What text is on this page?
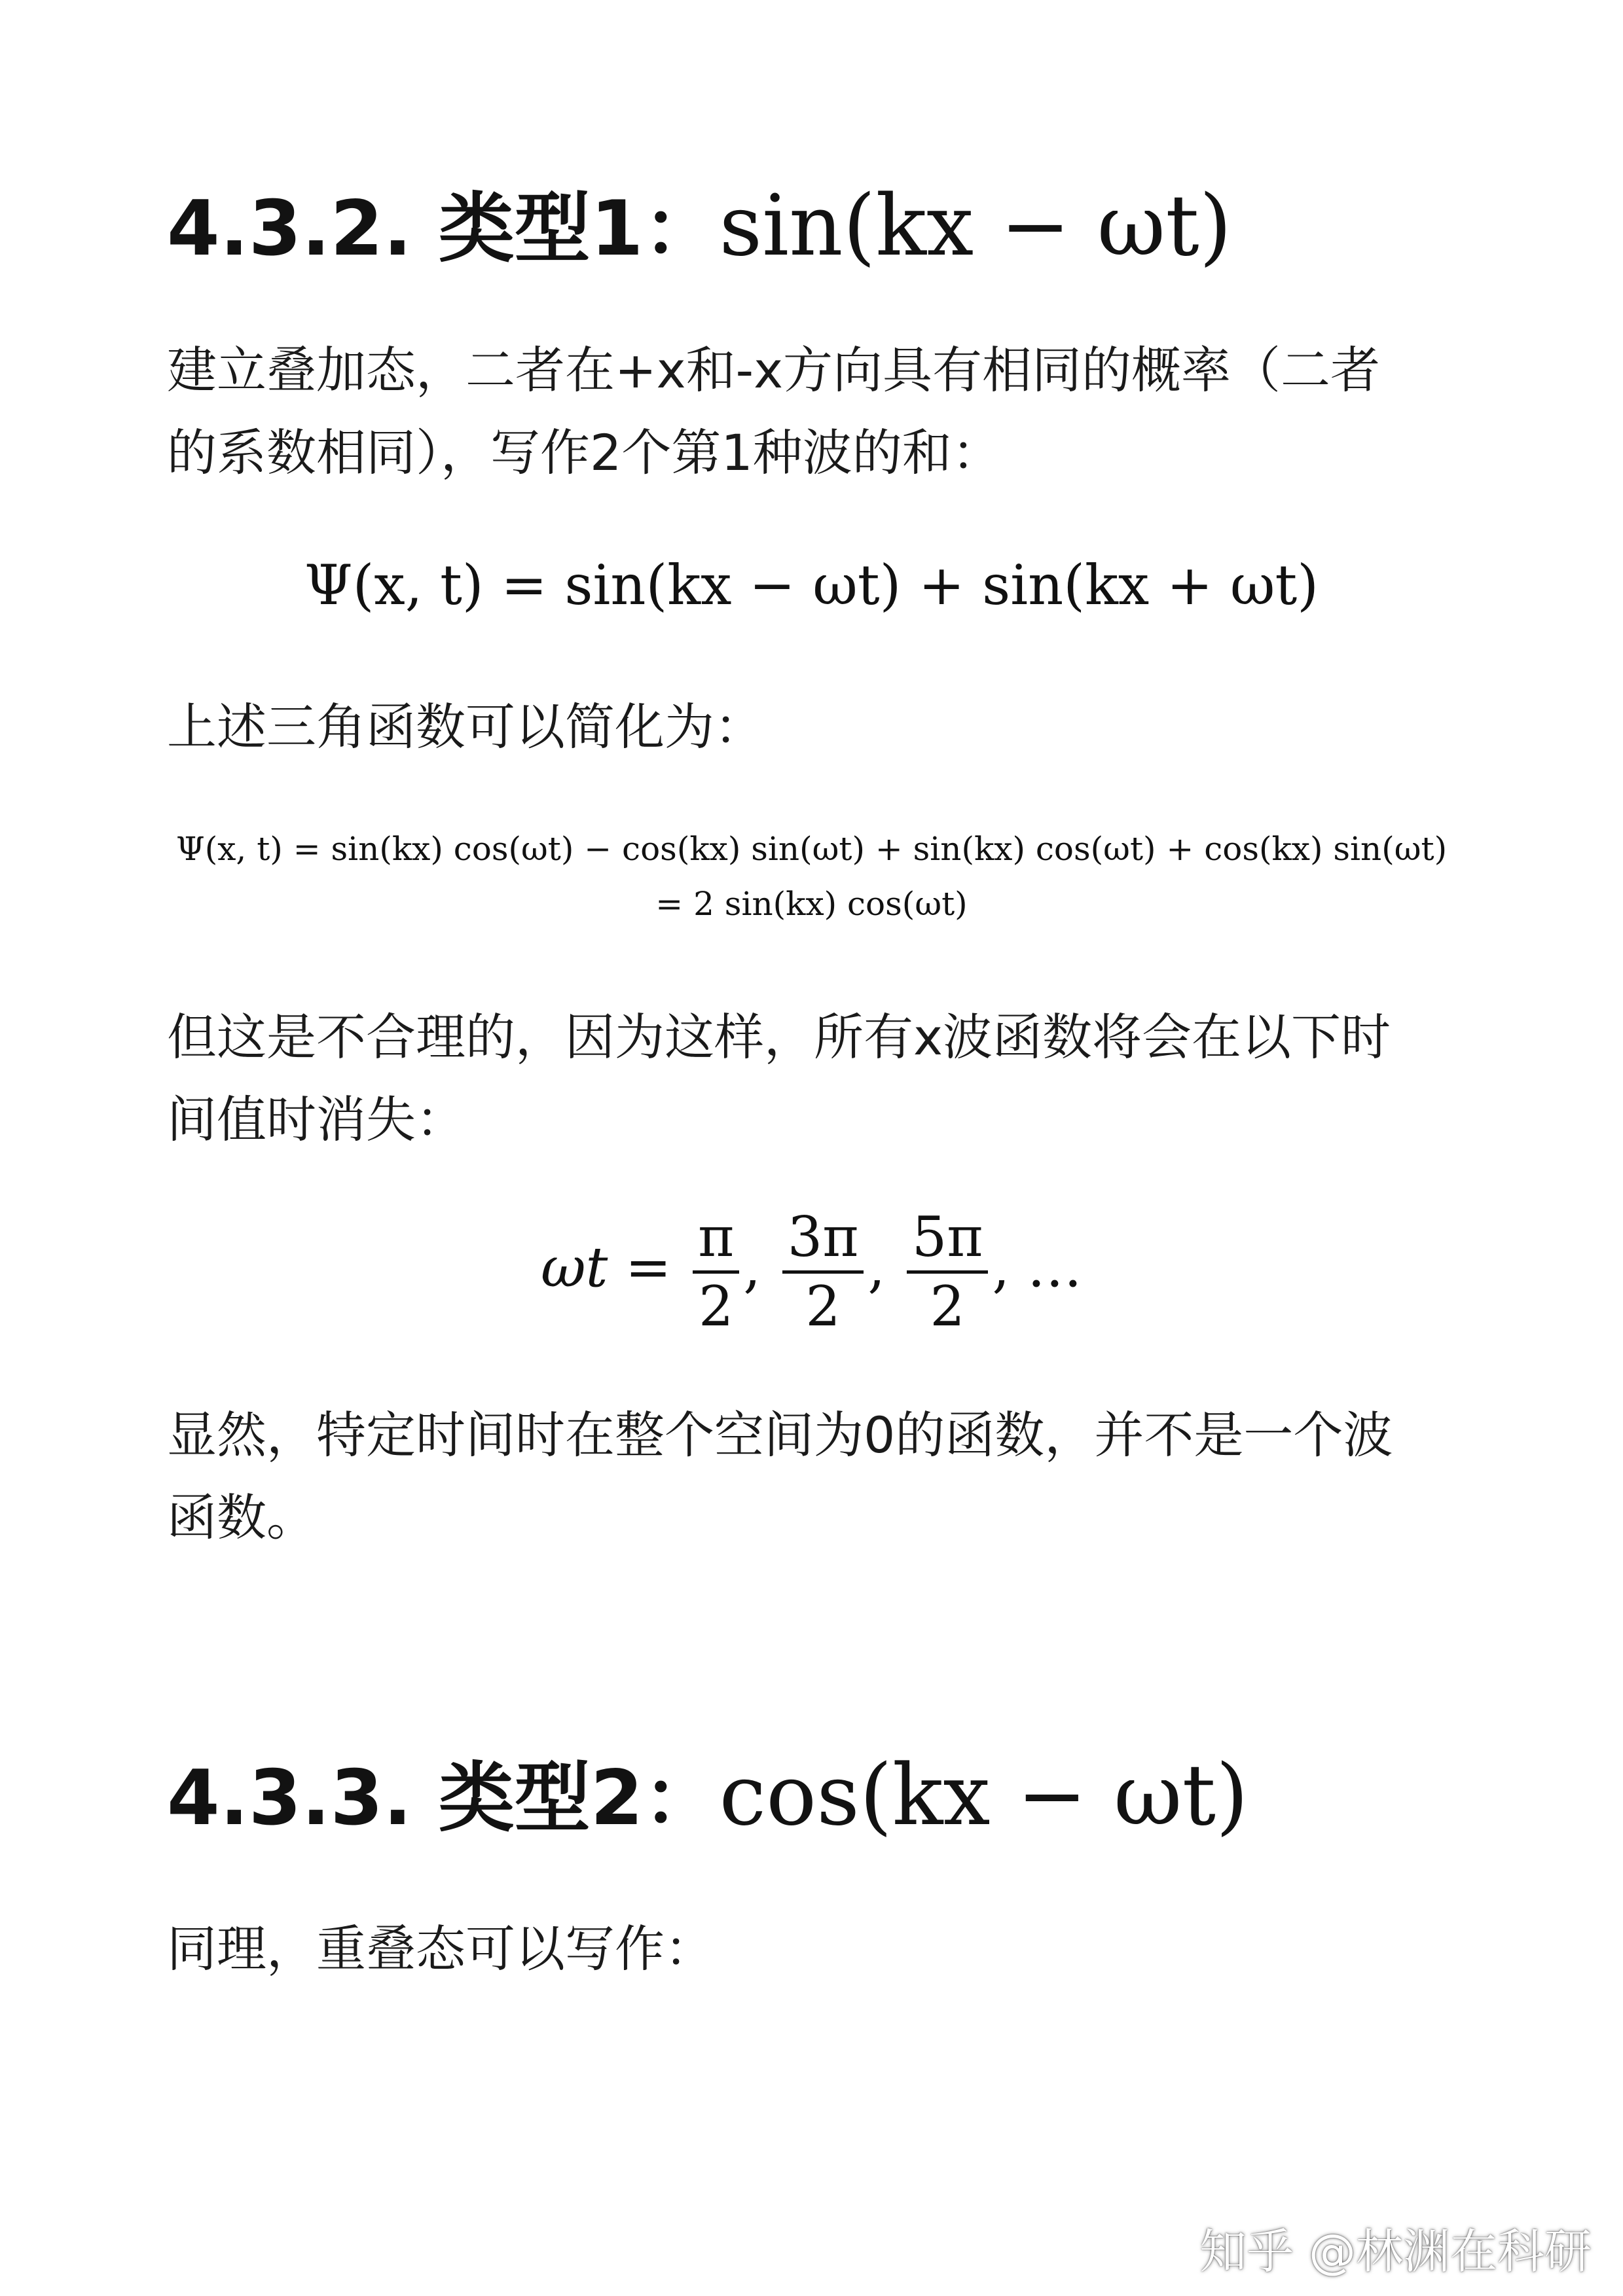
4.3.2. 类型1：sin(kx − ωt)

建立叠加态，二者在+x和-x方向具有相同的概率（二者
的系数相同），写作2个第1种波的和：

Ψ(x, t) = sin(kx − ωt) + sin(kx + ωt)

上述三角函数可以简化为：

Ψ(x, t) = sin(kx) cos(ωt) − cos(kx) sin(ωt) + sin(kx) cos(ωt) + cos(kx) sin(ωt)
= 2 sin(kx) cos(ωt)

但这是不合理的，因为这样，所有x波函数将会在以下时
间值时消失：

$\omega t = \frac{\pi}{2}$ , $\frac{3\pi}{2}$ , $\frac{5\pi}{2}$ , …

显然，特定时间时在整个空间为0的函数，并不是一个波
函数。

4.3.3. 类型2：cos(kx − ωt)

同理，重叠态可以写作：

知乎 @林渊在科研
